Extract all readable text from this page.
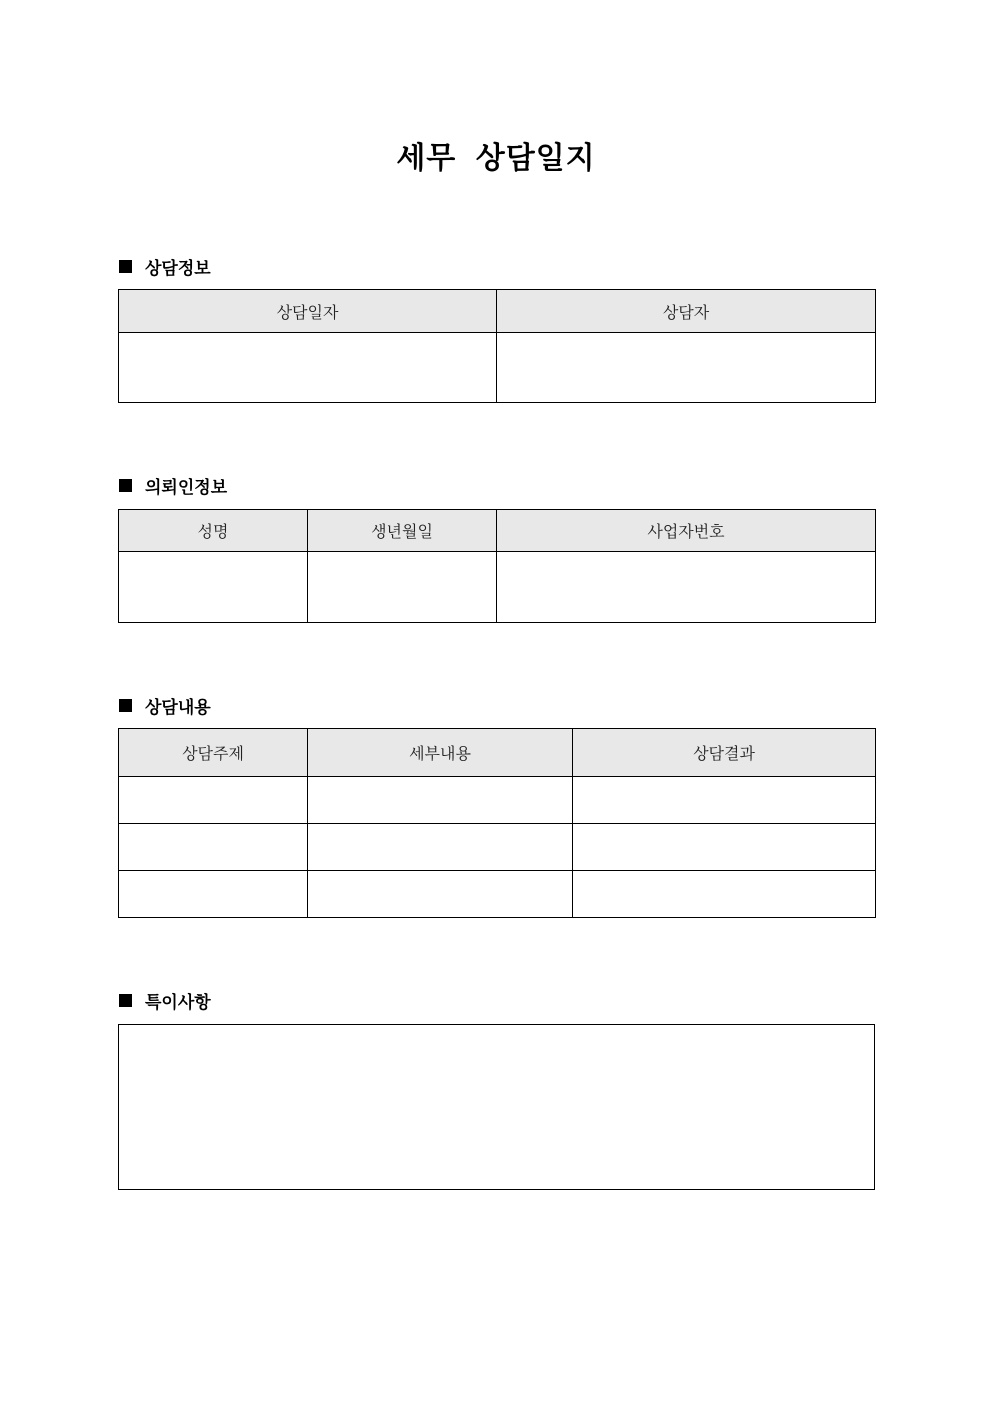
세무 상담일지
상담정보
상담일자	상담자

의뢰인정보
성명	생년월일	사업자번호

상담내용
상담주제	세부내용	상담결과

특이사항
